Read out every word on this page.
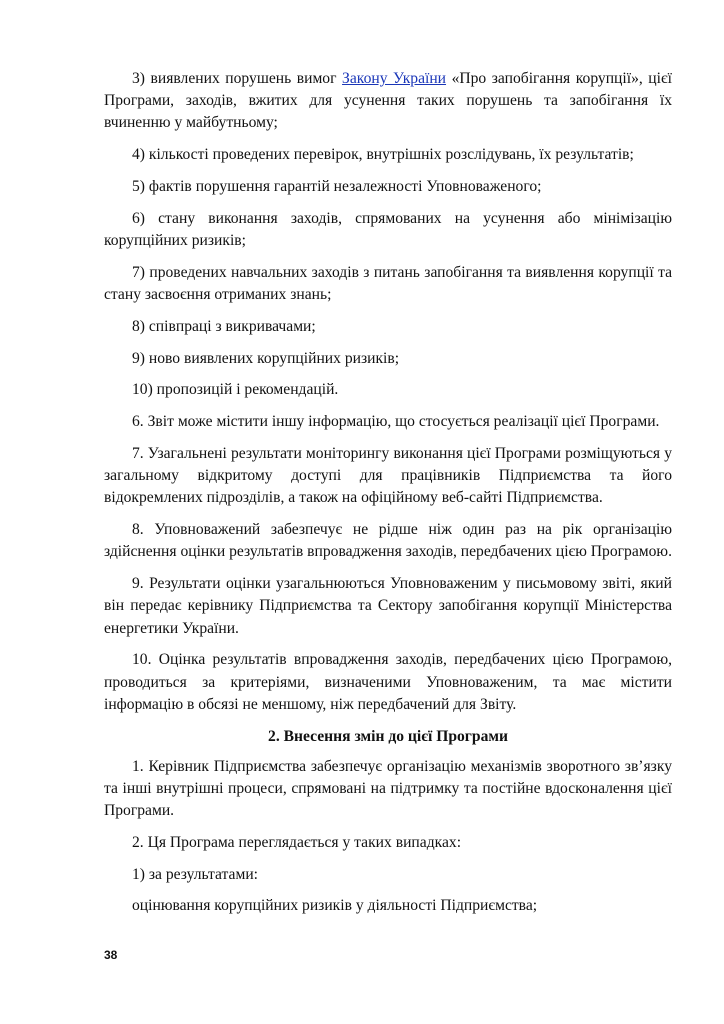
3) виявлених порушень вимог Закону України «Про запобігання корупції», цієї Програми, заходів, вжитих для усунення таких порушень та запобігання їх вчиненню у майбутньому;

4) кількості проведених перевірок, внутрішніх розслідувань, їх результатів;

5) фактів порушення гарантій незалежності Уповноваженого;

6) стану виконання заходів, спрямованих на усунення або мінімізацію корупційних ризиків;

7) проведених навчальних заходів з питань запобігання та виявлення корупції та стану засвоєння отриманих знань;

8) співпраці з викривачами;

9) ново виявлених корупційних ризиків;

10) пропозицій і рекомендацій.

6. Звіт може містити іншу інформацію, що стосується реалізації цієї Програми.

7. Узагальнені результати моніторингу виконання цієї Програми розміщуються у загальному відкритому доступі для працівників Підприємства та його відокремлених підрозділів, а також на офіційному веб-сайті Підприємства.

8. Уповноважений забезпечує не рідше ніж один раз на рік організацію здійснення оцінки результатів впровадження заходів, передбачених цією Програмою.

9. Результати оцінки узагальнюються Уповноваженим у письмовому звіті, який він передає керівнику Підприємства та Сектору запобігання корупції Міністерства енергетики України.

10. Оцінка результатів впровадження заходів, передбачених цією Програмою, проводиться за критеріями, визначеними Уповноваженим, та має містити інформацію в обсязі не меншому, ніж передбачений для Звіту.

2. Внесення змін до цієї Програми

1. Керівник Підприємства забезпечує організацію механізмів зворотного зв’язку та інші внутрішні процеси, спрямовані на підтримку та постійне вдосконалення цієї Програми.

2. Ця Програма переглядається у таких випадках:

1) за результатами:

оцінювання корупційних ризиків у діяльності Підприємства;

38
